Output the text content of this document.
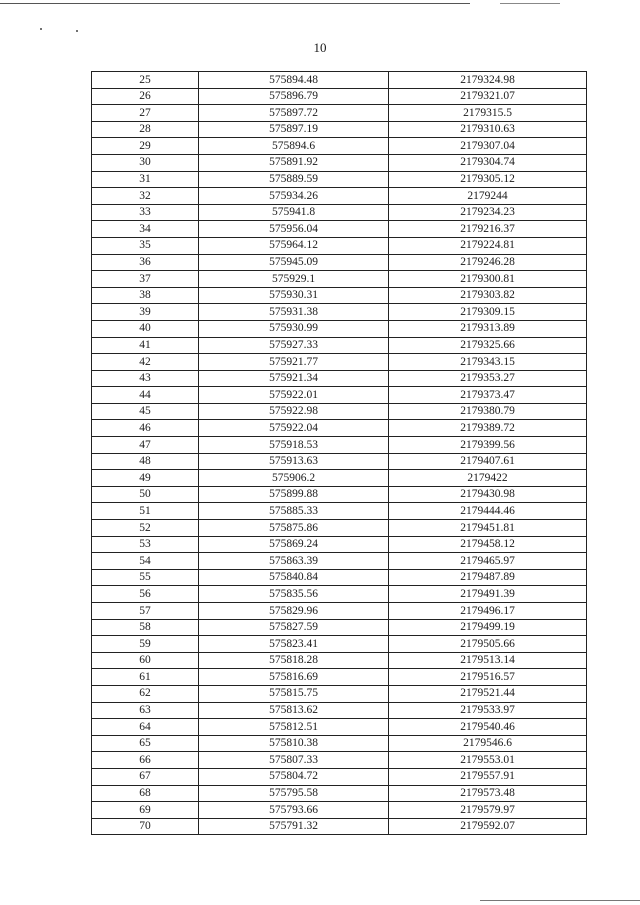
10
25	575894.48	2179324.98
26	575896.79	2179321.07
27	575897.72	2179315.5
28	575897.19	2179310.63
29	575894.6	2179307.04
30	575891.92	2179304.74
31	575889.59	2179305.12
32	575934.26	2179244
33	575941.8	2179234.23
34	575956.04	2179216.37
35	575964.12	2179224.81
36	575945.09	2179246.28
37	575929.1	2179300.81
38	575930.31	2179303.82
39	575931.38	2179309.15
40	575930.99	2179313.89
41	575927.33	2179325.66
42	575921.77	2179343.15
43	575921.34	2179353.27
44	575922.01	2179373.47
45	575922.98	2179380.79
46	575922.04	2179389.72
47	575918.53	2179399.56
48	575913.63	2179407.61
49	575906.2	2179422
50	575899.88	2179430.98
51	575885.33	2179444.46
52	575875.86	2179451.81
53	575869.24	2179458.12
54	575863.39	2179465.97
55	575840.84	2179487.89
56	575835.56	2179491.39
57	575829.96	2179496.17
58	575827.59	2179499.19
59	575823.41	2179505.66
60	575818.28	2179513.14
61	575816.69	2179516.57
62	575815.75	2179521.44
63	575813.62	2179533.97
64	575812.51	2179540.46
65	575810.38	2179546.6
66	575807.33	2179553.01
67	575804.72	2179557.91
68	575795.58	2179573.48
69	575793.66	2179579.97
70	575791.32	2179592.07
